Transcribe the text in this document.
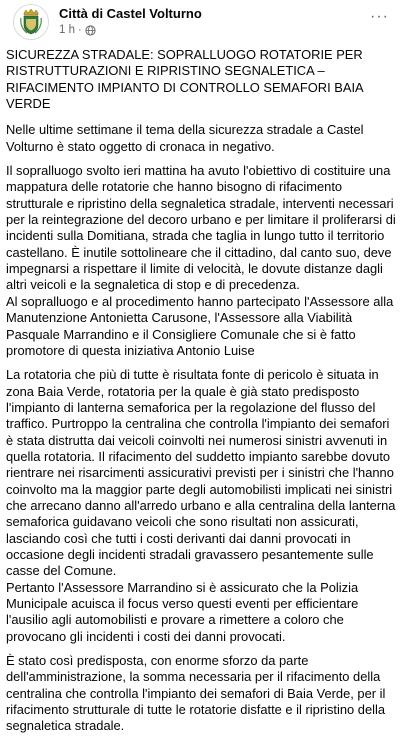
Città di Castel Volturno
1 h ·
···

SICUREZZA STRADALE: SOPRALLUOGO ROTATORIE PER RISTRUTTURAZIONI E RIPRISTINO SEGNALETICA – RIFACIMENTO IMPIANTO DI CONTROLLO SEMAFORI BAIA VERDE

Nelle ultime settimane il tema della sicurezza stradale a Castel Volturno è stato oggetto di cronaca in negativo.

Il sopralluogo svolto ieri mattina ha avuto l'obiettivo di costituire una mappatura delle rotatorie che hanno bisogno di rifacimento strutturale e ripristino della segnaletica stradale, interventi necessari per la reintegrazione del decoro urbano e per limitare il proliferarsi di incidenti sulla Domitiana, strada che taglia in lungo tutto il territorio castellano. È inutile sottolineare che il cittadino, dal canto suo, deve impegnarsi a rispettare il limite di velocità, le dovute distanze dagli altri veicoli e la segnaletica di stop e di precedenza.
Al sopralluogo e al procedimento hanno partecipato l'Assessore alla Manutenzione Antonietta Carusone, l'Assessore alla Viabilità Pasquale Marrandino e il Consigliere Comunale che si è fatto promotore di questa iniziativa Antonio Luise

La rotatoria che più di tutte è risultata fonte di pericolo è situata in zona Baia Verde, rotatoria per la quale è già stato predisposto l'impianto di lanterna semaforica per la regolazione del flusso del traffico. Purtroppo la centralina che controlla l'impianto dei semafori è stata distrutta dai veicoli coinvolti nei numerosi sinistri avvenuti in quella rotatoria. Il rifacimento del suddetto impianto sarebbe dovuto rientrare nei risarcimenti assicurativi previsti per i sinistri che l'hanno coinvolto ma la maggior parte degli automobilisti implicati nei sinistri che arrecano danno all'arredo urbano e alla centralina della lanterna semaforica guidavano veicoli che sono risultati non assicurati, lasciando così che tutti i costi derivanti dai danni provocati in occasione degli incidenti stradali gravassero pesantemente sulle casse del Comune.
Pertanto l'Assessore Marrandino si è assicurato che la Polizia Municipale acuisca il focus verso questi eventi per efficientare l'ausilio agli automobilisti e provare a rimettere a coloro che provocano gli incidenti i costi dei danni provocati.

È stato così predisposta, con enorme sforzo da parte dell'amministrazione, la somma necessaria per il rifacimento della centralina che controlla l'impianto dei semafori di Baia Verde, per il rifacimento strutturale di tutte le rotatorie disfatte e il ripristino della segnaletica stradale.
